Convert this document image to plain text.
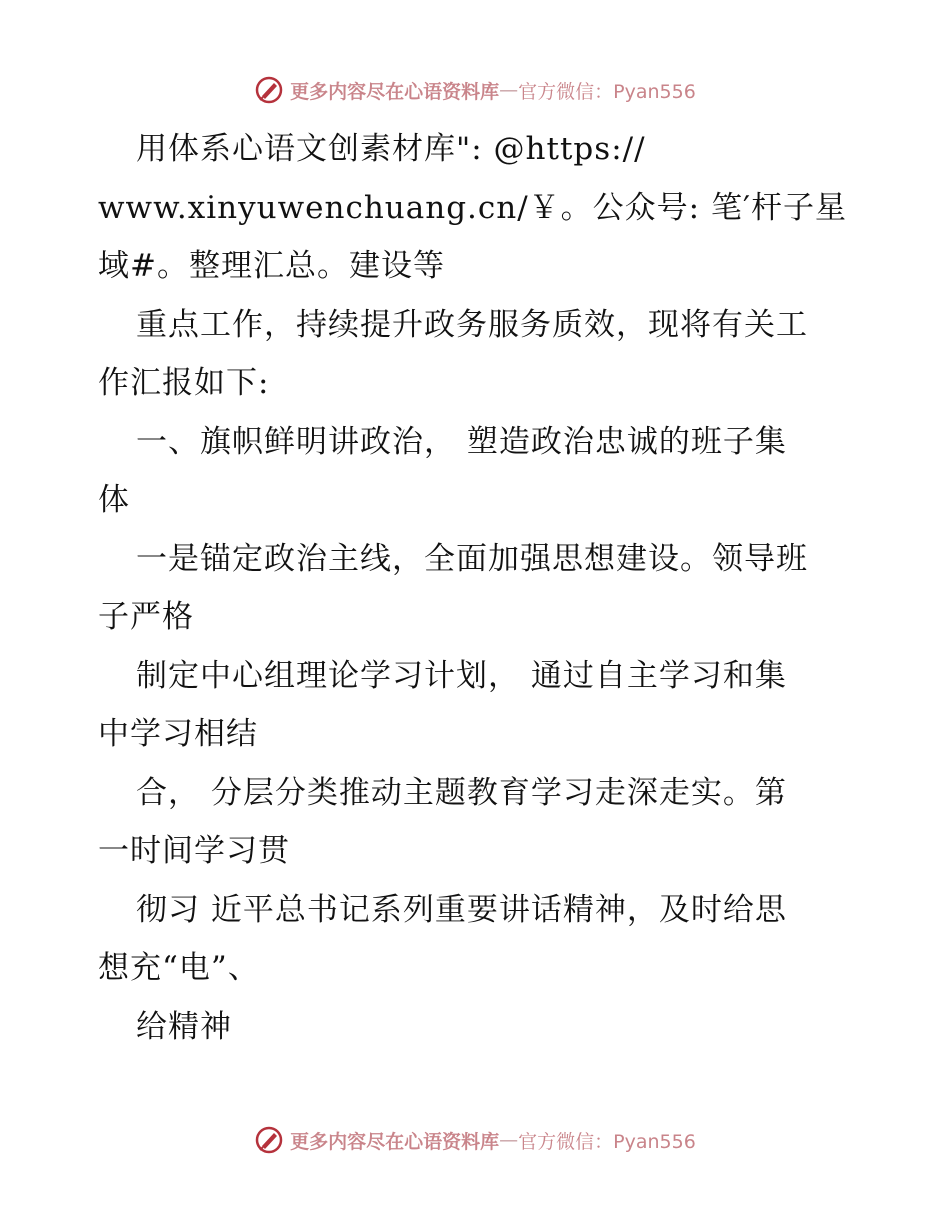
更多内容尽在心语资料库 — 官方微信：Pyan556
用体系心语文创素材库": @https://
www.xinyuwenchuang.cn/￥。公众号: 笔′杆子星
域#。整理汇总。建设等
重点工作，持续提升政务服务质效，现将有关工
作汇报如下:
一、旗帜鲜明讲政治， 塑造政治忠诚的班子集
体
一是锚定政治主线，全面加强思想建设。领导班
子严格
制定中心组理论学习计划， 通过自主学习和集
中学习相结
合， 分层分类推动主题教育学习走深走实。第
一时间学习贯
彻习 近平总书记系列重要讲话精神，及时给思
想充“电”、
给精神
更多内容尽在心语资料库 — 官方微信：Pyan556
